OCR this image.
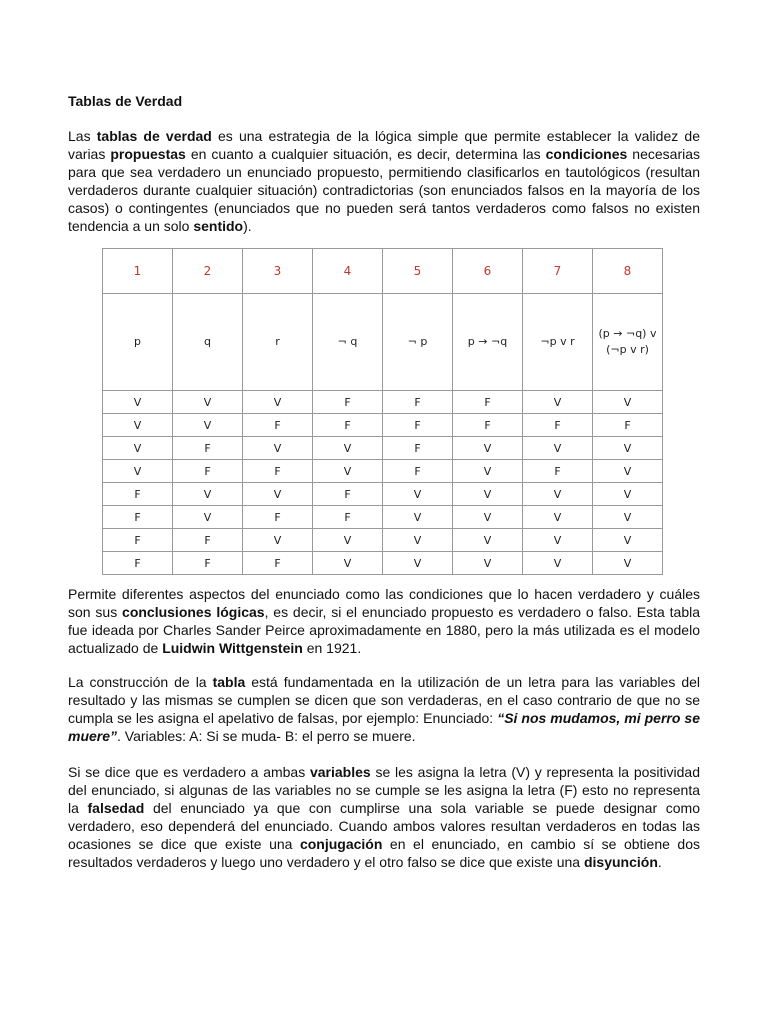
Tablas de Verdad

Las tablas de verdad es una estrategia de la lógica simple que permite establecer la validez de varias propuestas en cuanto a cualquier situación, es decir, determina las condiciones necesarias para que sea verdadero un enunciado propuesto, permitiendo clasificarlos en tautológicos (resultan verdaderos durante cualquier situación) contradictorias (son enunciados falsos en la mayoría de los casos) o contingentes (enunciados que no pueden será tantos verdaderos como falsos no existen tendencia a un solo sentido).

1	2	3	4	5	6	7	8
p	q	r	¬ q	¬ p	p → ¬q	¬p v r	(p → ¬q) v (¬p v r)
V	V	V	F	F	F	V	V
V	V	F	F	F	F	F	F
V	F	V	V	F	V	V	V
V	F	F	V	F	V	F	V
F	V	V	F	V	V	V	V
F	V	F	F	V	V	V	V
F	F	V	V	V	V	V	V
F	F	F	V	V	V	V	V

Permite diferentes aspectos del enunciado como las condiciones que lo hacen verdadero y cuáles son sus conclusiones lógicas, es decir, si el enunciado propuesto es verdadero o falso. Esta tabla fue ideada por Charles Sander Peirce aproximadamente en 1880, pero la más utilizada es el modelo actualizado de Luidwin Wittgenstein en 1921.

La construcción de la tabla está fundamentada en la utilización de un letra para las variables del resultado y las mismas se cumplen se dicen que son verdaderas, en el caso contrario de que no se cumpla se les asigna el apelativo de falsas, por ejemplo: Enunciado: “Si nos mudamos, mi perro se muere”. Variables: A: Si se muda- B: el perro se muere.

Si se dice que es verdadero a ambas variables se les asigna la letra (V) y representa la positividad del enunciado, si algunas de las variables no se cumple se les asigna la letra (F) esto no representa la falsedad del enunciado ya que con cumplirse una sola variable se puede designar como verdadero, eso dependerá del enunciado. Cuando ambos valores resultan verdaderos en todas las ocasiones se dice que existe una conjugación en el enunciado, en cambio sí se obtiene dos resultados verdaderos y luego uno verdadero y el otro falso se dice que existe una disyunción.
